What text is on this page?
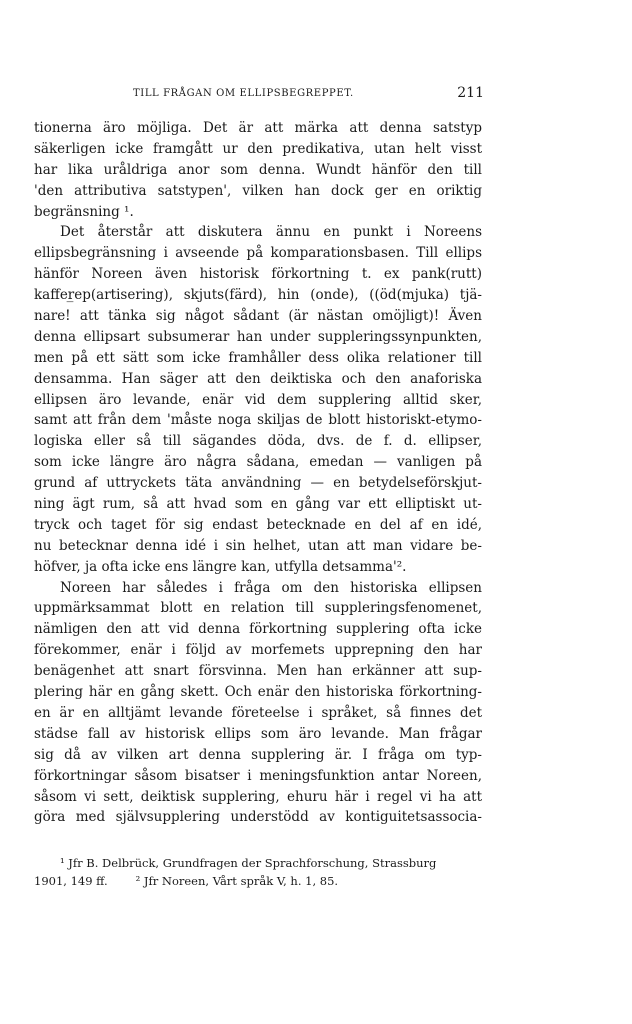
TILL FRÅGAN OM ELLIPSBEGREPPET.	211
tionerna äro möjliga. Det är att märka att denna satstyp
säkerligen icke framgått ur den predikativa, utan helt visst
har lika uråldriga anor som denna. Wundt hänför den till
'den attributiva satstypen', vilken han dock ger en oriktig
begränsning ¹.
Det återstår att diskutera ännu en punkt i Noreens
ellipsbegränsning i avseende på komparationsbasen. Till ellips
hänför Noreen även historisk förkortning t. ex pank(rutt)
kaffer̲ep(artisering), skjuts(färd), hin (onde), ((öd(mjuka) tjä-
nare! att tänka sig något sådant (är nästan omöjligt)! Även
denna ellipsart subsumerar han under suppleringssynpunkten,
men på ett sätt som icke framhåller dess olika relationer till
densamma. Han säger att den deiktiska och den anaforiska
ellipsen äro levande, enär vid dem supplering alltid sker,
samt att från dem 'måste noga skiljas de blott historiskt-etymo-
logiska eller så till sägandes döda, dvs. de f. d. ellipser,
som icke längre äro några sådana, emedan — vanligen på
grund af uttryckets täta användning — en betydelseförskjut-
ning ägt rum, så att hvad som en gång var ett elliptiskt ut-
tryck och taget för sig endast betecknade en del af en idé,
nu betecknar denna idé i sin helhet, utan att man vidare be-
höfver, ja ofta icke ens längre kan, utfylla detsamma'².
Noreen har således i fråga om den historiska ellipsen
uppmärksammat blott en relation till suppleringsfenomenet,
nämligen den att vid denna förkortning supplering ofta icke
förekommer, enär i följd av morfemets upprepning den har
benägenhet att snart försvinna. Men han erkänner att sup-
plering här en gång skett. Och enär den historiska förkortning-
en är en alltjämt levande företeelse i språket, så finnes det
städse fall av historisk ellips som äro levande. Man frågar
sig då av vilken art denna supplering är. I fråga om typ-
förkortningar såsom bisatser i meningsfunktion antar Noreen,
såsom vi sett, deiktisk supplering, ehuru här i regel vi ha att
göra med självsupplering understödd av kontiguitetsassocia-
¹ Jfr B. Delbrück, Grundfragen der Sprachforschung, Strassburg
1901, 149 ff. ² Jfr Noreen, Vårt språk V, h. 1, 85.
